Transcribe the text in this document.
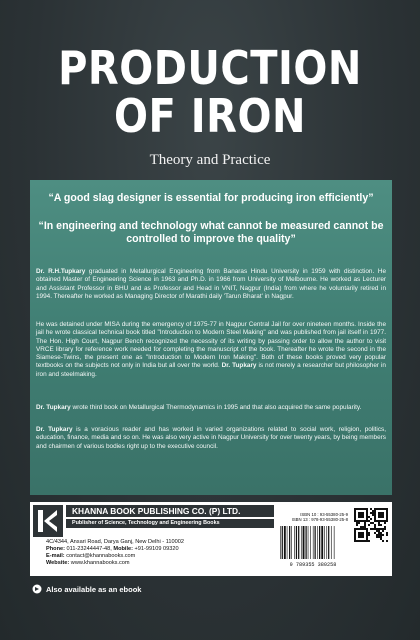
PRODUCTION
OF IRON
Theory and Practice
“A good slag designer is essential for producing iron efficiently”
“In engineering and technology what cannot be measured cannot be controlled to improve the quality”

Dr. R.H.Tupkary graduated in Metallurgical Engineering from Banaras Hindu University in 1959 with distinction. He obtained Master of Engineering Science in 1963 and Ph.D. in 1966 from University of Melbourne. He worked as Lecturer and Assistant Professor in BHU and as Professor and Head in VNIT, Nagpur (India) from where he voluntarily retired in 1994. Thereafter he worked as Managing Director of Marathi daily 'Tarun Bharat' in Nagpur.

He was detained under MISA during the emergency of 1975-77 in Nagpur Central Jail for over nineteen months. Inside the jail he wrote classical technical book titled "Introduction to Modern Steel Making" and was published from jail itself in 1977. The Hon. High Court, Nagpur Bench recognized the necessity of its writing by passing order to allow the author to visit VRCE library for reference work needed for completing the manuscript of the book. Thereafter he wrote the second in the Siamese-Twins, the present one as "Introduction to Modern Iron Making". Both of these books proved very popular textbooks on the subjects not only in India but all over the world. Dr. Tupkary is not merely a researcher but philosopher in iron and steelmaking.

Dr. Tupkary wrote third book on Metallurgical Thermodynamics in 1995 and that also acquired the same popularity.

Dr. Tupkary is a voracious reader and has worked in varied organizations related to social work, religion, politics, education, finance, media and so on. He was also very active in Nagpur University for over twenty years, by being members and chairmen of various bodies right up to the executive council.

KHANNA BOOK PUBLISHING CO. (P) LTD.
Publisher of Science, Technology and Engineering Books
4C/4344, Ansari Road, Darya Ganj, New Delhi - 110002
Phone: 011-23244447-48, Mobile: +91-99109 09320
E-mail: contact@khannabooks.com
Website: www.khannabooks.com
ISBN 10 : 93-55380-25-9
ISBN 13 : 978-93-55380-25-8
9 789355 380258
Also available as an ebook
